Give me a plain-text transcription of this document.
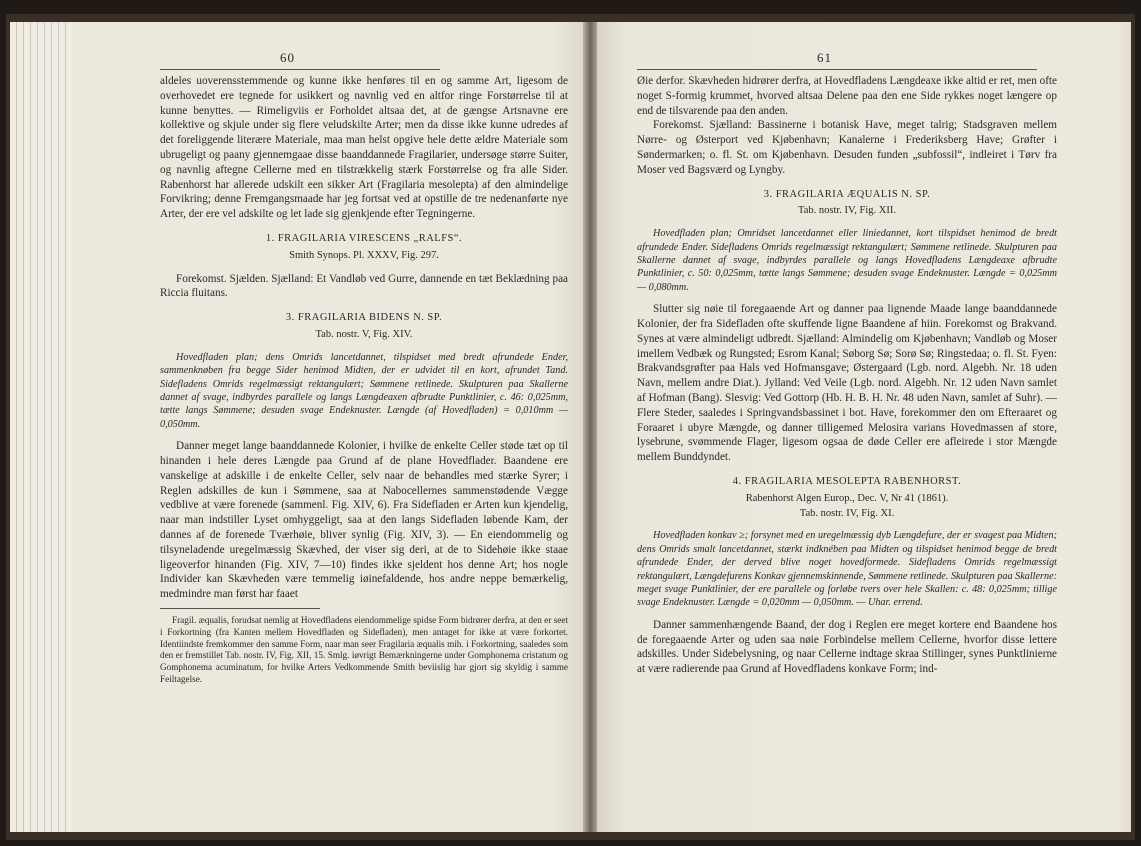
60

aldeles uoverensstemmende og kunne ikke henføres til en og samme Art, ligesom de overhovedet ere tegnede for usikkert og navnlig ved en altfor ringe Forstørrelse til at kunne benyttes. — Rimeligviis er Forholdet altsaa det, at de gængse Artsnavne ere kollektive og skjule under sig flere veludskilte Arter; men da disse ikke kunne udredes af det foreliggende literære Materiale, maa man helst opgive hele dette ældre Materiale som ubrugeligt og paany gjennemgaae disse baanddannede Fragilarier, undersøge større Suiter, og navnlig aftegne Cellerne med en tilstrækkelig stærk Forstørrelse og fra alle Sider. Rabenhorst har allerede udskilt een sikker Art (Fragilaria mesolepta) af den almindelige Forvikring; denne Fremgangsmaade har jeg fortsat ved at opstille de tre nedenanførte nye Arter, der ere vel adskilte og let lade sig gjenkjende efter Tegningerne.

1. FRAGILARIA VIRESCENS „RALFS“.
Smith Synops. Pl. XXXV, Fig. 297.

Forekomst. Sjælden. Sjælland: Et Vandløb ved Gurre, dannende en tæt Beklædning paa Riccia fluitans.

3. FRAGILARIA BIDENS N. SP.
Tab. nostr. V, Fig. XIV.

Hovedfladen plan; dens Omrids lancetdannet, tilspidset med bredt afrundede Ender, sammenknøben fra begge Sider henimod Midten, der er udvidet til en kort, afrundet Tand. Sidefladens Omrids regelmæssigt rektangulært; Sømmene retlinede. Skulpturen paa Skallerne dannet af svage, indbyrdes parallele og langs Længdeaxen afbrudte Punktlinier, c. 46: 0,025mm, tætte langs Sømmene; desuden svage Endeknuster. Længde (af Hovedfladen) = 0,010mm — 0,050mm.

Danner meget lange baanddannede Kolonier, i hvilke de enkelte Celler støde tæt op til hinanden i hele deres Længde paa Grund af de plane Hovedflader. Baandene ere vanskelige at adskille i de enkelte Celler, selv naar de behandles med stærke Syrer; i Reglen adskilles de kun i Sømmene, saa at Nabocellernes sammenstødende Vægge vedblive at være forenede (sammenl. Fig. XIV, 6). Fra Sidefladen er Arten kun kjendelig, naar man indstiller Lyset omhyggeligt, saa at den langs Sidefladen løbende Kam, der dannes af de forenede Tværhøie, bliver synlig (Fig. XIV, 3). — En eiendommelig og tilsyneladende uregelmæssig Skævhed, der viser sig deri, at de to Sidehøie ikke staae ligeoverfor hinanden (Fig. XIV, 7—10) findes ikke sjeldent hos denne Art; hos nogle Individer kan Skævheden være temmelig iøinefaldende, hos andre neppe bemærkelig, medmindre man først har faaet

Fragil. æqualis, forudsat nemlig at Hovedfladens eiendommelige spidse Form bidrører derfra, at den er seet i Forkortning (fra Kanten mellem Hovedfladen og Sidefladen), men antaget for ikke at være forkortet. Identiindste fremkommer den samme Form, naar man seer Fragilaria æqualis mih. i Forkortning, saaledes som den er fremstillet Tab. nostr. IV, Fig. XII, 15. Smlg. iøvrigt Bemærkningerne under Gomphonema cristatum og Gomphonema acuminatum, for hvilke Arters Vedkommende Smith beviislig har gjort sig skyldig i samme Feiltagelse.

61

Øie derfor. Skævheden hidrører derfra, at Hovedfladens Længdeaxe ikke altid er ret, men ofte noget S-formig krummet, hvorved altsaa Delene paa den ene Side rykkes noget længere op end de tilsvarende paa den anden.

Forekomst. Sjælland: Bassinerne i botanisk Have, meget talrig; Stadsgraven mellem Nørre- og Østerport ved Kjøbenhavn; Kanalerne i Frederiksberg Have; Grøfter i Søndermarken; o. fl. St. om Kjøbenhavn. Desuden funden „subfossil“, indleiret i Tørv fra Moser ved Bagsværd og Lyngby.

3. FRAGILARIA ÆQUALIS N. SP.
Tab. nostr. IV, Fig. XII.

Hovedfladen plan; Omridset lancetdannet eller liniedannet, kort tilspidset henimod de bredt afrundede Ender. Sidefladens Omrids regelmæssigt rektangulært; Sømmene retlinede. Skulpturen paa Skallerne dannet af svage, indbyrdes parallele og langs Hovedfladens Længdeaxe afbrudte Punktlinier, c. 50: 0,025mm, tætte langs Sømmene; desuden svage Endeknuster. Længde = 0,025mm — 0,080mm.

Slutter sig nøie til foregaaende Art og danner paa lignende Maade lange baanddannede Kolonier, der fra Sidefladen ofte skuffende ligne Baandene af hiin. Forekomst og Brakvand. Synes at være almindeligt udbredt. Sjælland: Almindelig om Kjøbenhavn; Vandløb og Moser imellem Vedbæk og Rungsted; Esrom Kanal; Søborg Sø; Sorø Sø; Ringstedaa; o. fl. St. Fyen: Brakvandsgrøfter paa Hals ved Hofmansgave; Østergaard (Lgb. nord. Algebh. Nr. 18 uden Navn, mellem andre Diat.). Jylland: Ved Veile (Lgb. nord. Algebh. Nr. 12 uden Navn samlet af Hofman (Bang). Slesvig: Ved Gottorp (Hb. H. B. H. Nr. 48 uden Navn, samlet af Suhr). — Flere Steder, saaledes i Springvandsbassinet i bot. Have, forekommer den om Efteraaret og Foraaret i ubyre Mængde, og danner tilligemed Melosira varians Hovedmassen af store, lysebrune, svømmende Flager, ligesom ogsaa de døde Celler ere afleirede i stor Mængde mellem Bunddyndet.

4. FRAGILARIA MESOLEPTA RABENHORST.
Rabenhorst Algen Europ., Dec. V, Nr 41 (1861).
Tab. nostr. IV, Fig. XI.

Hovedfladen konkav ≥; forsynet med en uregelmæssig dyb Længdefure, der er svagest paa Midten; dens Omrids smalt lancetdannet, stærkt indknében paa Midten og tilspidset henimod begge de bredt afrundede Ender, der derved blive noget hovedformede. Sidefladens Omrids regelmæssigt rektangulært, Længdefurens Konkav gjennemskinnende, Sømmene retlinede. Skulpturen paa Skallerne: meget svage Punktlinier, der ere parallele og forløbe tvers over hele Skallen: c. 48: 0,025mm; tillige svage Endeknuster. Længde = 0,020mm — 0,050mm. — Uhar. errend.

Danner sammenhængende Baand, der dog i Reglen ere meget kortere end Baandene hos de foregaaende Arter og uden saa nøie Forbindelse mellem Cellerne, hvorfor disse lettere adskilles. Under Sidebelysning, og naar Cellerne indtage skraa Stillinger, synes Punktlinierne at være radierende paa Grund af Hovedfladens konkave Form; ind-
